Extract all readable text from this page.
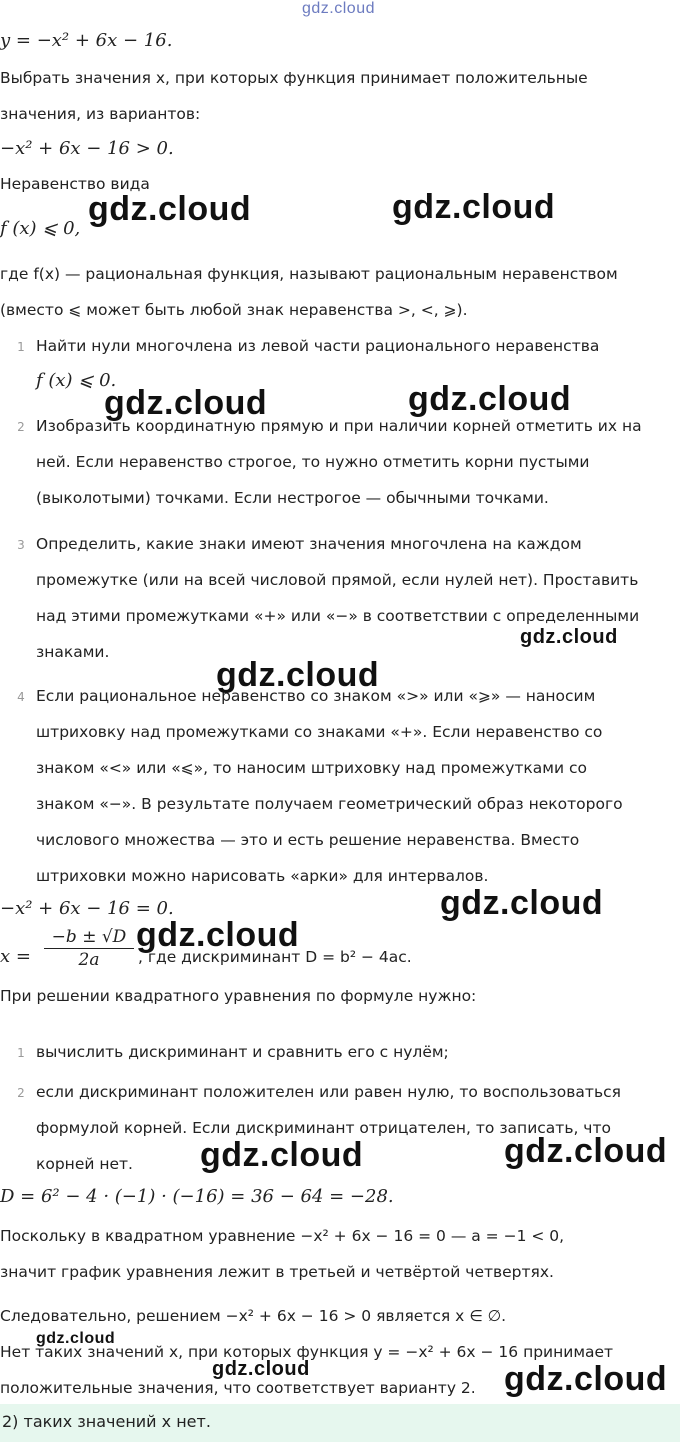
gdz.cloud
y = −x² + 6x − 16.
Выбрать значения x, при которых функция принимает положительные
значения, из вариантов:
−x² + 6x − 16 > 0.
Неравенство вида
f (x) ⩽ 0,
где f(x) — рациональная функция, называют рациональным неравенством
(вместо ⩽ может быть любой знак неравенства >, <, ⩾).
1 Найти нули многочлена из левой части рационального неравенства
f (x) ⩽ 0.
2 Изобразить координатную прямую и при наличии корней отметить их на
ней. Если неравенство строгое, то нужно отметить корни пустыми
(выколотыми) точками. Если нестрогое — обычными точками.
3 Определить, какие знаки имеют значения многочлена на каждом
промежутке (или на всей числовой прямой, если нулей нет). Проставить
над этими промежутками «+» или «−» в соответствии с определенными
знаками.
4 Если рациональное неравенство со знаком «>» или «⩾» — наносим
штриховку над промежутками со знаками «+». Если неравенство со
знаком «<» или «⩽», то наносим штриховку над промежутками со
знаком «−». В результате получаем геометрический образ некоторого
числового множества — это и есть решение неравенства. Вместо
штриховки можно нарисовать «арки» для интервалов.
−x² + 6x − 16 = 0.
$x = \frac{-b \pm √D}{2a}$ , где дискриминант D = b² − 4ac.
При решении квадратного уравнения по формуле нужно:
1 вычислить дискриминант и сравнить его с нулём;
2 если дискриминант положителен или равен нулю, то воспользоваться
формулой корней. Если дискриминант отрицателен, то записать, что
корней нет.
D = 6² − 4 · (−1) · (−16) = 36 − 64 = −28.
Поскольку в квадратном уравнение −x² + 6x − 16 = 0 — a = −1 < 0,
значит график уравнения лежит в третьей и четвёртой четвертях.
Следовательно, решением −x² + 6x − 16 > 0 является x ∈ ∅.
Нет таких значений x, при которых функция y = −x² + 6x − 16 принимает
положительные значения, что соответствует варианту 2.
2) таких значений x нет.
gdz.cloud	gdz.cloud
gdz.cloud	gdz.cloud
gdz.cloud
gdz.cloud
gdz.cloud
gdz.cloud
gdz.cloud	gdz.cloud
gdz.cloud
gdz.cloud	gdz.cloud
